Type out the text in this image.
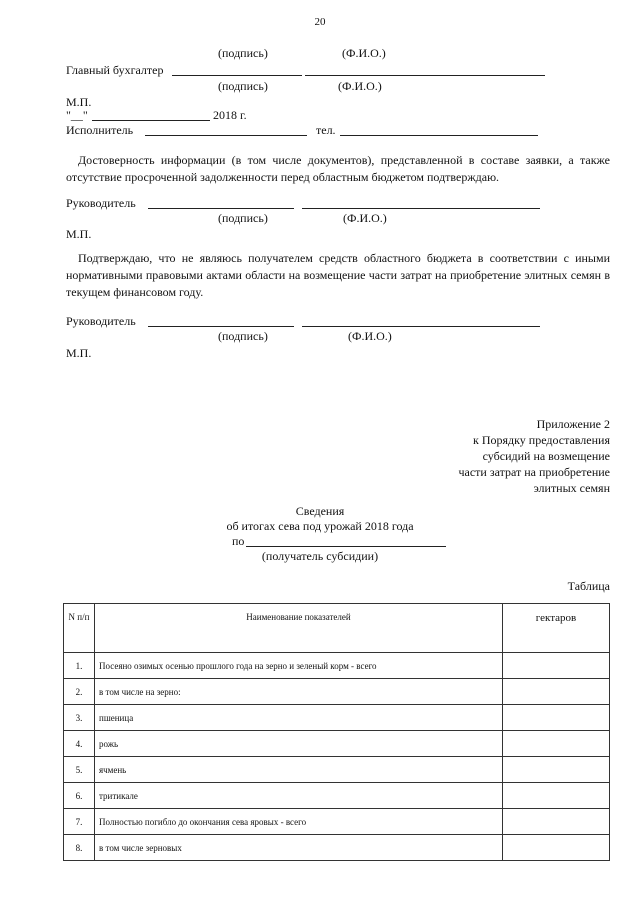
20
(подпись)	(Ф.И.О.)
Главный бухгалтер
(подпись)	(Ф.И.О.)
М.П.
"__"	2018 г.
Исполнитель	тел.
Достоверность информации (в том числе документов), представленной в составе заявки, а также отсутствие просроченной задолженности перед областным бюджетом подтверждаю.
Руководитель
(подпись)	(Ф.И.О.)
М.П.
Подтверждаю, что не являюсь получателем средств областного бюджета в соответствии с иными нормативными правовыми актами области на возмещение части затрат на приобретение элитных семян в текущем финансовом году.
Руководитель
(подпись)	(Ф.И.О.)
М.П.
Приложение 2
к Порядку предоставления
субсидий на возмещение
части затрат на приобретение
элитных семян
Сведения
об итогах сева под урожай 2018 года
по
(получатель субсидии)
Таблица
N п/п	Наименование показателей	гектаров
1.	Посеяно озимых осенью прошлого года на зерно и зеленый корм - всего	
2.	в том числе на зерно:	
3.	пшеница	
4.	рожь	
5.	ячмень	
6.	тритикале	
7.	Полностью погибло до окончания сева яровых - всего	
8.	в том числе зерновых	
